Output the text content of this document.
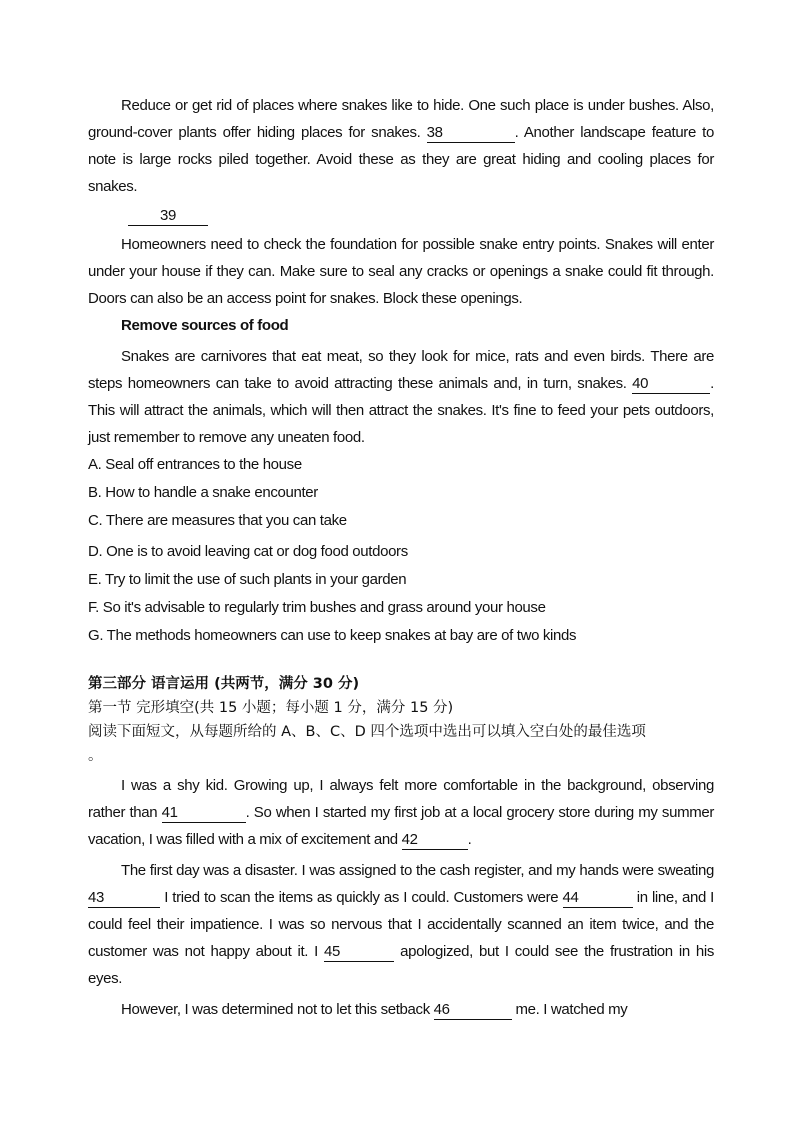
Reduce or get rid of places where snakes like to hide. One such place is under bushes. Also, ground-cover plants offer hiding places for snakes. 38	. Another landscape feature to note is large rocks piled together. Avoid these as they are great hiding and cooling places for snakes.
39
Homeowners need to check the foundation for possible snake entry points. Snakes will enter under your house if they can. Make sure to seal any cracks or openings a snake could fit through. Doors can also be an access point for snakes. Block these openings.
Remove sources of food
Snakes are carnivores that eat meat, so they look for mice, rats and even birds. There are steps homeowners can take to avoid attracting these animals and, in turn, snakes. 40	. This will attract the animals, which will then attract the snakes. It's fine to feed your pets outdoors, just remember to remove any uneaten food.
A. Seal off entrances to the house
B. How to handle a snake encounter
C. There are measures that you can take
D. One is to avoid leaving cat or dog food outdoors
E. Try to limit the use of such plants in your garden
F. So it's advisable to regularly trim bushes and grass around your house
G. The methods homeowners can use to keep snakes at bay are of two kinds
第三部分 语言运用 (共两节，满分 30 分)
第一节 完形填空(共 15 小题；每小题 1 分，满分 15 分)
阅读下面短文，从每题所给的 A、B、C、D 四个选项中选出可以填入空白处的最佳选项
。
I was a shy kid. Growing up, I always felt more comfortable in the background, observing rather than 41	. So when I started my first job at a local grocery store during my summer vacation, I was filled with a mix of excitement and 42	.
The first day was a disaster. I was assigned to the cash register, and my hands were sweating 43	I tried to scan the items as quickly as I could. Customers were 44	in line, and I could feel their impatience. I was so nervous that I accidentally scanned an item twice, and the customer was not happy about it. I 45	apologized, but I could see the frustration in his eyes.
However, I was determined not to let this setback 46	me. I watched my
